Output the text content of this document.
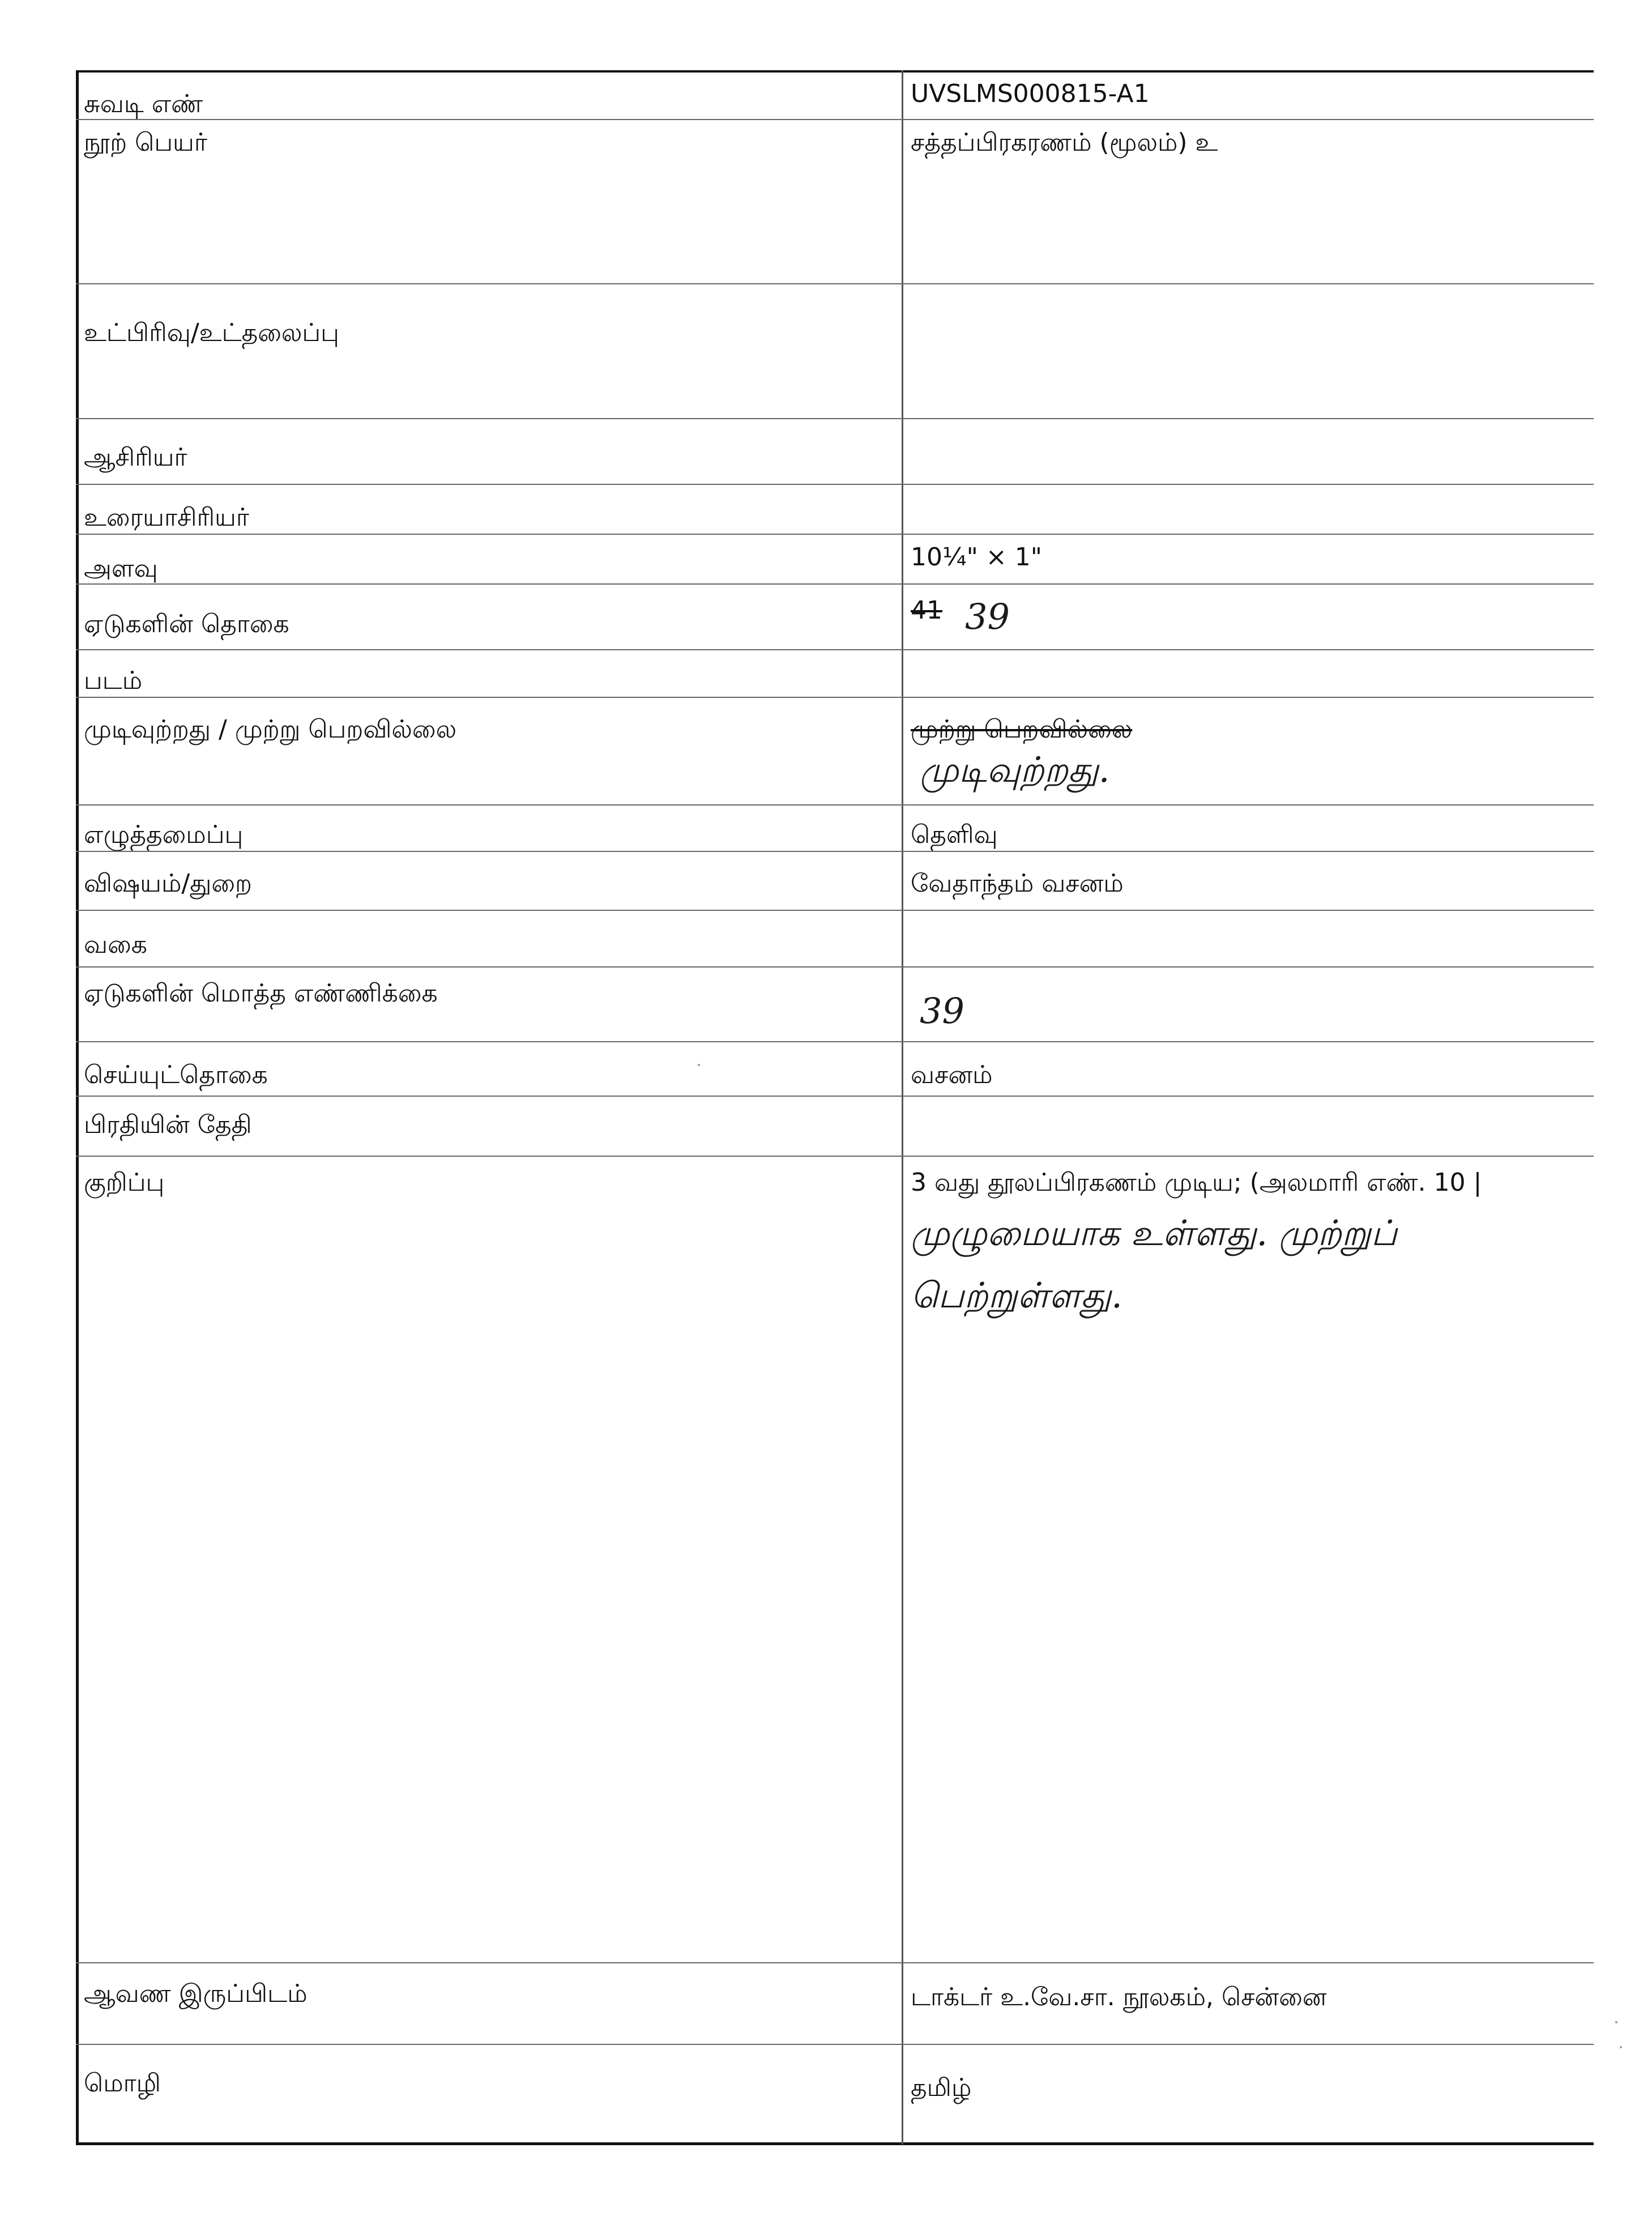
சுவடி எண்	UVSLMS000815-A1
நூற் பெயர்	சத்தப்பிரகரணம் (மூலம்) உ
உட்பிரிவு/உட்தலைப்பு
ஆசிரியர்
உரையாசிரியர்
அளவு	10¼" × 1"
ஏடுகளின் தொகை	41 39
படம்
முடிவுற்றது / முற்று பெறவில்லை	முற்று பெறவில்லை
முடிவுற்றது.
எழுத்தமைப்பு	தெளிவு
விஷயம்/துறை	வேதாந்தம் வசனம்
வகை
ஏடுகளின் மொத்த எண்ணிக்கை	39
செய்யுட்தொகை	வசனம்
பிரதியின் தேதி
குறிப்பு	3 வது தூலப்பிரகணம் முடிய; (அலமாரி எண். 10 |
முழுமையாக உள்ளது. முற்றுப்
பெற்றுள்ளது.
ஆவண இருப்பிடம்	டாக்டர் உ.வே.சா. நூலகம், சென்னை
மொழி	தமிழ்
